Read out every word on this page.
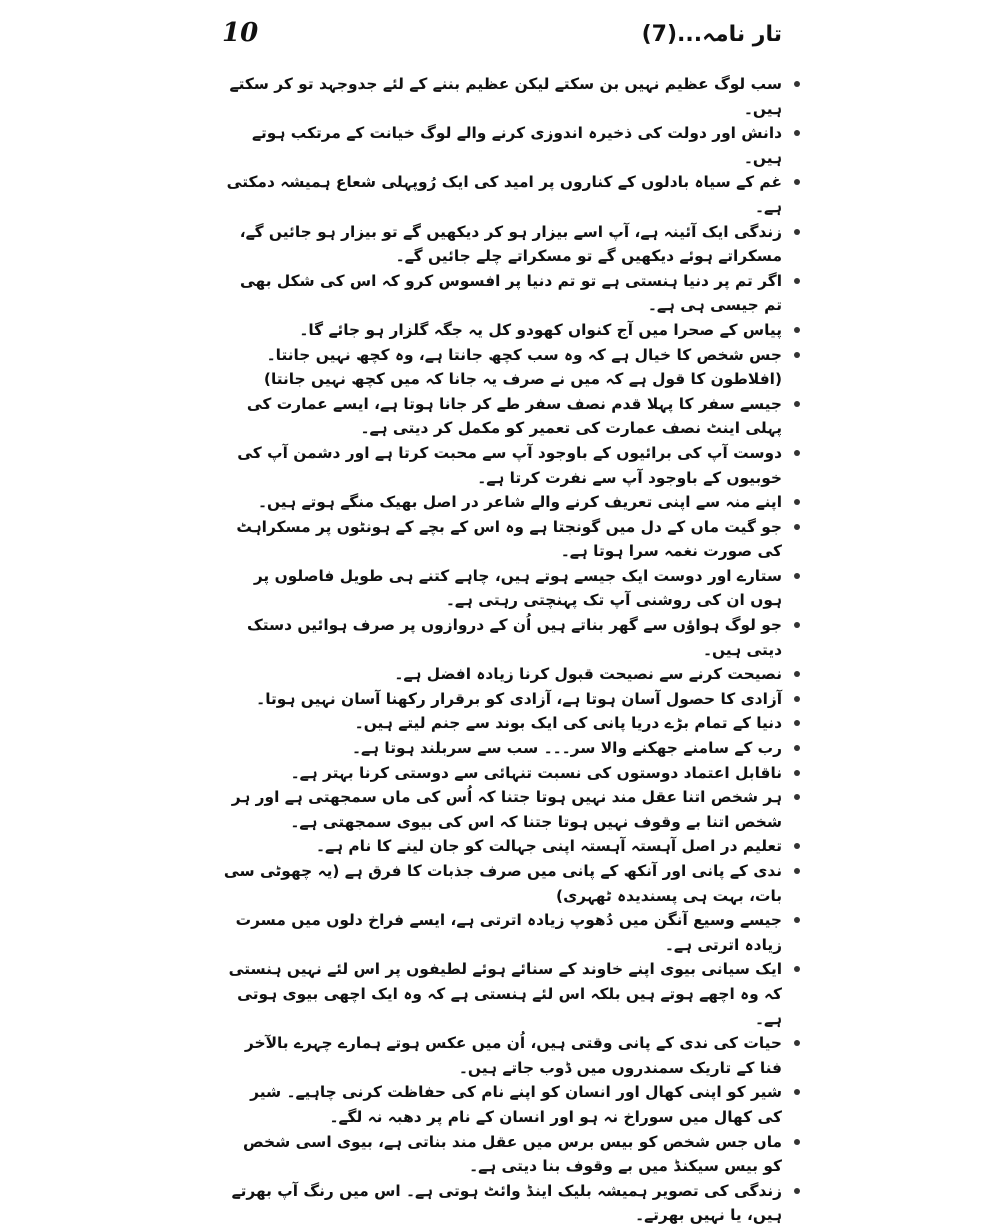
10	تار نامہ...(7)
سب لوگ عظیم نہیں بن سکتے لیکن عظیم بننے کے لئے جدوجہد تو کر سکتے ہیں۔
دانش اور دولت کی ذخیرہ اندوزی کرنے والے لوگ خیانت کے مرتکب ہوتے ہیں۔
غم کے سیاہ بادلوں کے کناروں پر امید کی ایک رُوپہلی شعاع ہمیشہ دمکتی ہے۔
زندگی ایک آئینہ ہے، آپ اسے بیزار ہو کر دیکھیں گے تو بیزار ہو جائیں گے، مسکراتے ہوئے دیکھیں گے تو مسکراتے چلے جائیں گے۔
اگر تم پر دنیا ہنستی ہے تو تم دنیا پر افسوس کرو کہ اس کی شکل بھی تم جیسی ہی ہے۔
پیاس کے صحرا میں آج کنواں کھودو کل یہ جگہ گلزار ہو جائے گا۔
جس شخص کا خیال ہے کہ وہ سب کچھ جانتا ہے، وہ کچھ نہیں جانتا۔ (افلاطون کا قول ہے کہ میں نے صرف یہ جانا کہ میں کچھ نہیں جانتا)
جیسے سفر کا پہلا قدم نصف سفر طے کر جانا ہوتا ہے، ایسے عمارت کی پہلی اینٹ نصف عمارت کی تعمیر کو مکمل کر دیتی ہے۔
دوست آپ کی برائیوں کے باوجود آپ سے محبت کرتا ہے اور دشمن آپ کی خوبیوں کے باوجود آپ سے نفرت کرتا ہے۔
اپنے منہ سے اپنی تعریف کرنے والے شاعر در اصل بھیک منگے ہوتے ہیں۔
جو گیت ماں کے دل میں گونجتا ہے وہ اس کے بچے کے ہونٹوں پر مسکراہٹ کی صورت نغمہ سرا ہوتا ہے۔
ستارے اور دوست ایک جیسے ہوتے ہیں، چاہے کتنے ہی طویل فاصلوں پر ہوں ان کی روشنی آپ تک پہنچتی رہتی ہے۔
جو لوگ ہواؤں سے گھر بناتے ہیں اُن کے دروازوں پر صرف ہوائیں دستک دیتی ہیں۔
نصیحت کرنے سے نصیحت قبول کرنا زیادہ افضل ہے۔
آزادی کا حصول آسان ہوتا ہے، آزادی کو برقرار رکھنا آسان نہیں ہوتا۔
دنیا کے تمام بڑے دریا پانی کی ایک بوند سے جنم لیتے ہیں۔
رب کے سامنے جھکنے والا سر۔۔۔ سب سے سربلند ہوتا ہے۔
ناقابل اعتماد دوستوں کی نسبت تنہائی سے دوستی کرنا بہتر ہے۔
ہر شخص اتنا عقل مند نہیں ہوتا جتنا کہ اُس کی ماں سمجھتی ہے اور ہر شخص اتنا بے وقوف نہیں ہوتا جتنا کہ اس کی بیوی سمجھتی ہے۔
تعلیم در اصل آہستہ آہستہ اپنی جہالت کو جان لینے کا نام ہے۔
ندی کے پانی اور آنکھ کے پانی میں صرف جذبات کا فرق ہے (یہ چھوٹی سی بات، بہت ہی پسندیدہ ٹھہری)
جیسے وسیع آنگن میں دُھوپ زیادہ اترتی ہے، ایسے فراخ دلوں میں مسرت زیادہ اترتی ہے۔
ایک سیانی بیوی اپنے خاوند کے سنائے ہوئے لطیفوں پر اس لئے نہیں ہنستی کہ وہ اچھے ہوتے ہیں بلکہ اس لئے ہنستی ہے کہ وہ ایک اچھی بیوی ہوتی ہے۔
حیات کی ندی کے پانی وقتی ہیں، اُن میں عکس ہوتے ہمارے چہرے بالآخر فنا کے تاریک سمندروں میں ڈوب جاتے ہیں۔
شیر کو اپنی کھال اور انسان کو اپنے نام کی حفاظت کرنی چاہیے۔ شیر کی کھال میں سوراخ نہ ہو اور انسان کے نام پر دھبہ نہ لگے۔
ماں جس شخص کو بیس برس میں عقل مند بناتی ہے، بیوی اسی شخص کو بیس سیکنڈ میں بے وقوف بنا دیتی ہے۔
زندگی کی تصویر ہمیشہ بلیک اینڈ وائٹ ہوتی ہے۔ اس میں رنگ آپ بھرتے ہیں، یا نہیں بھرتے۔
